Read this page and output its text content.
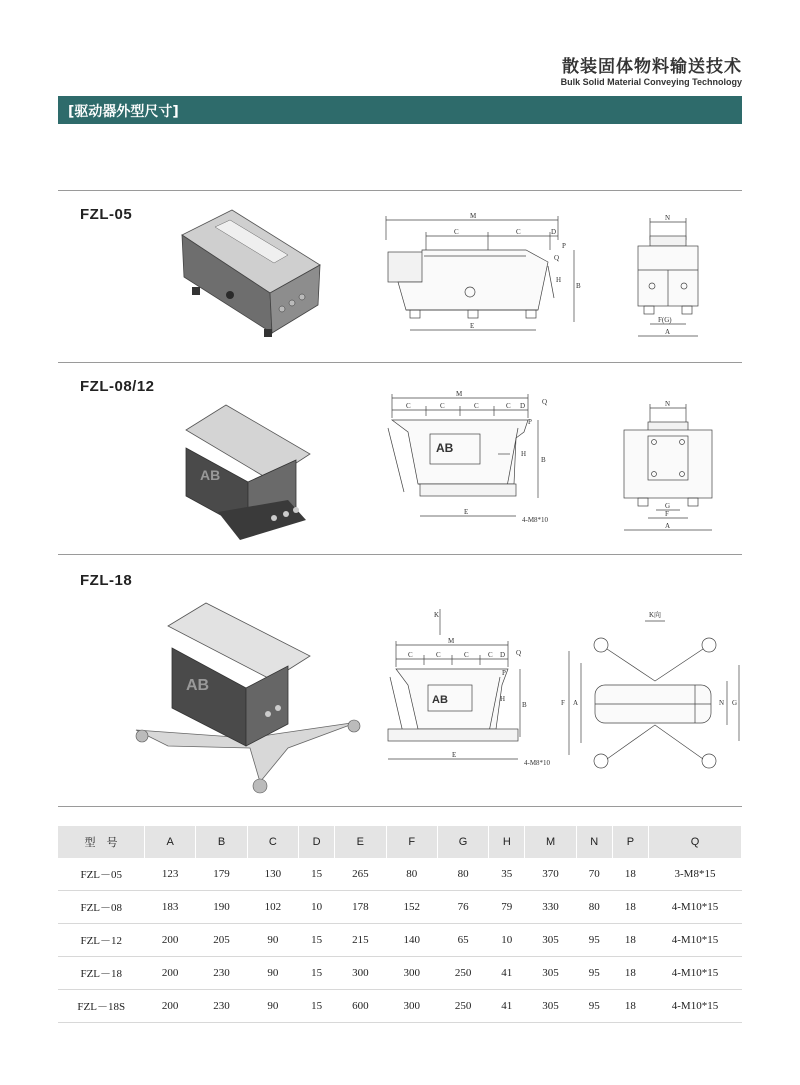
散装固体物料输送技术
Bulk Solid Material Conveying Technology
[驱动器外型尺寸]
FZL-05	M
C	C	D
P
Q
H
B
E
N
F(G)
A
FZL-08/12
AB
AB
M
C	C	C	C D
P
Q
H
B
E
4-M8*10
N
G
F
A
FZL-18
AB
AB
K
M
C	C	C	C D Q
P
H
B
E
4-M8*10
K向
F A	N G
型　号	A	B	C	D	E	F	G	H	M	N	P	Q
FZL－05	123	179	130	15	265	80	80	35	370	70	18	3-M8*15
FZL－08	183	190	102	10	178	152	76	79	330	80	18	4-M10*15
FZL－12	200	205	90	15	215	140	65	10	305	95	18	4-M10*15
FZL－18	200	230	90	15	300	300	250	41	305	95	18	4-M10*15
FZL－18S	200	230	90	15	600	300	250	41	305	95	18	4-M10*15
